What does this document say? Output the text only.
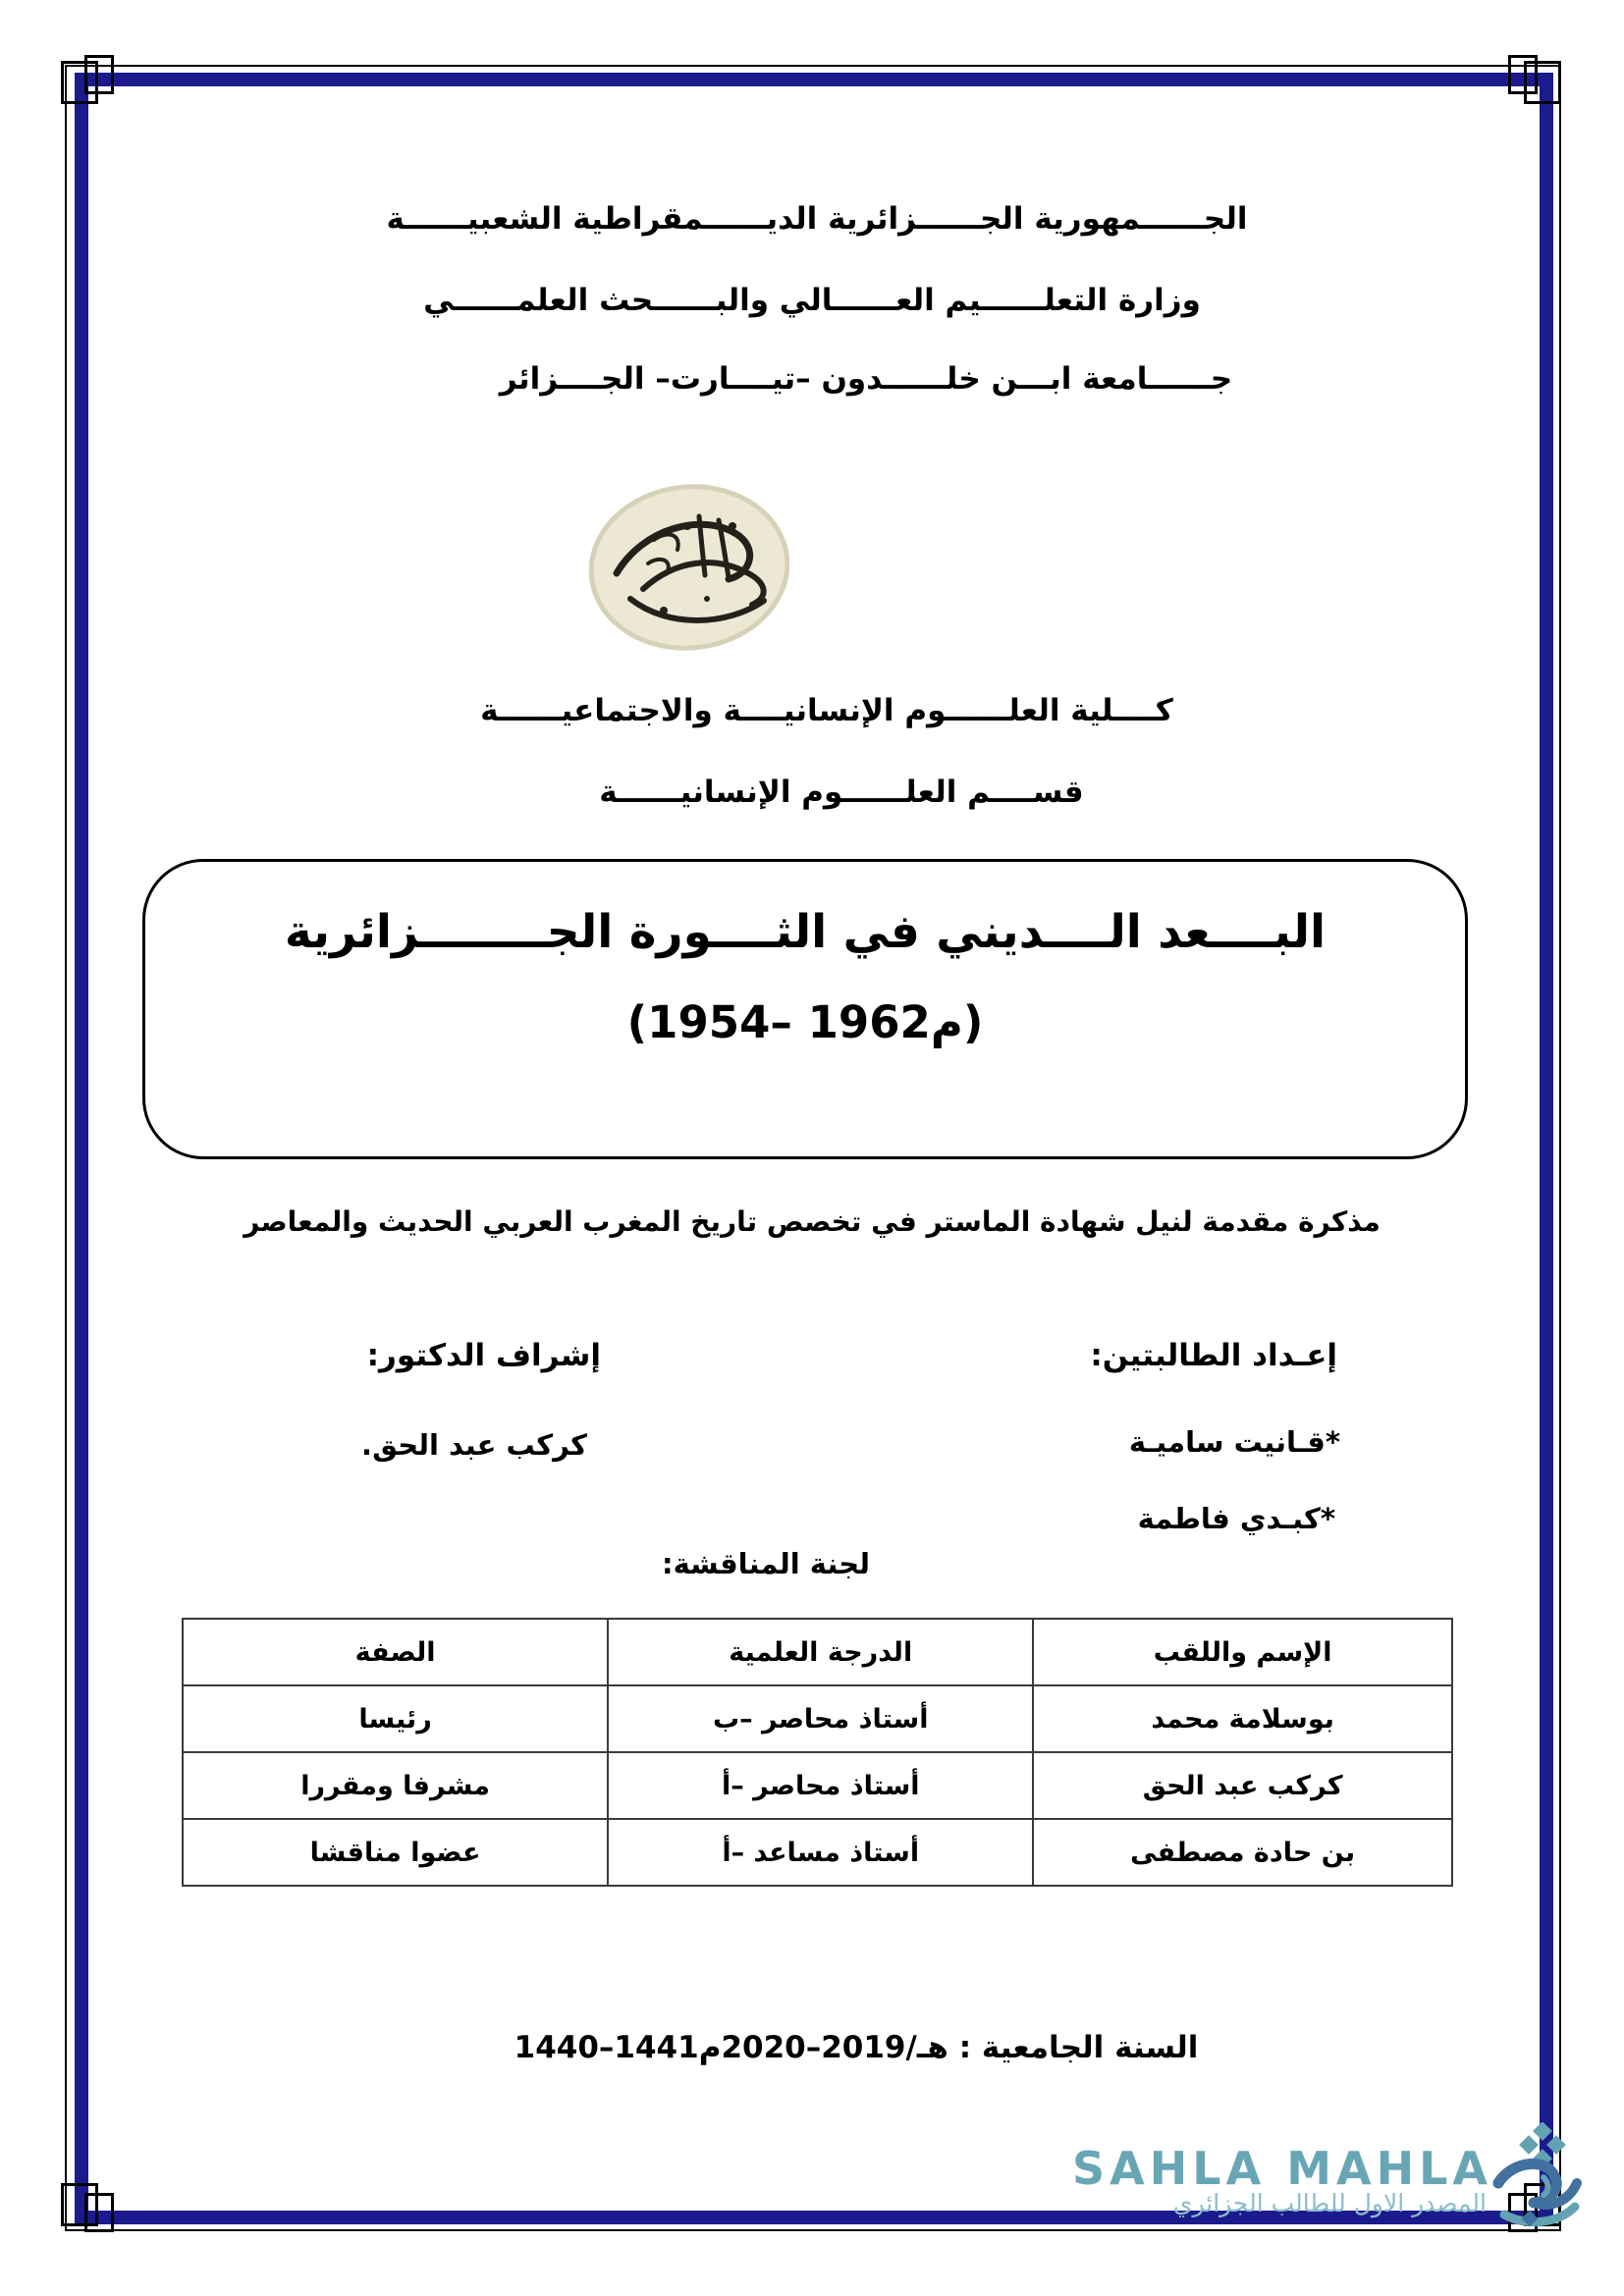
الجــــــمهورية الجــــــزائرية الديــــــمقراطية الشعبيــــــة
وزارة التعلــــــيم العــــــالي والبــــــحث العلمــــــي
جــــــامعة ابـــن خلــــــدون –تيــــارت– الجــــزائر
كــــلية العلــــــوم الإنسانيــــة والاجتماعيــــــة
قســــم العلــــــوم الإنسانيــــــة
البــــعد الــــديني في الثــــورة الجــــــــزائرية
(1954– 1962م)
مذكرة مقدمة لنيل شهادة الماستر في تخصص تاريخ المغرب العربي الحديث والمعاصر
إعـداد الطالبتين:
*قـانيت ساميـة
*كبـدي فاطمة
إشراف الدكتور:
كركب عبد الحق.
لجنة المناقشة:
الإسم واللقب	الدرجة العلمية	الصفة
بوسلامة محمد	أستاذ محاصر –ب	رئيسا
كركب عبد الحق	أستاذ محاصر –أ	مشرفا ومقررا
بن حادة مصطفى	أستاذ مساعد –أ	عضوا مناقشا
السنة الجامعية : 1440–1441هـ/2019–2020م
SAHLA MAHLA
المصدر الاول للطالب الجزائري
